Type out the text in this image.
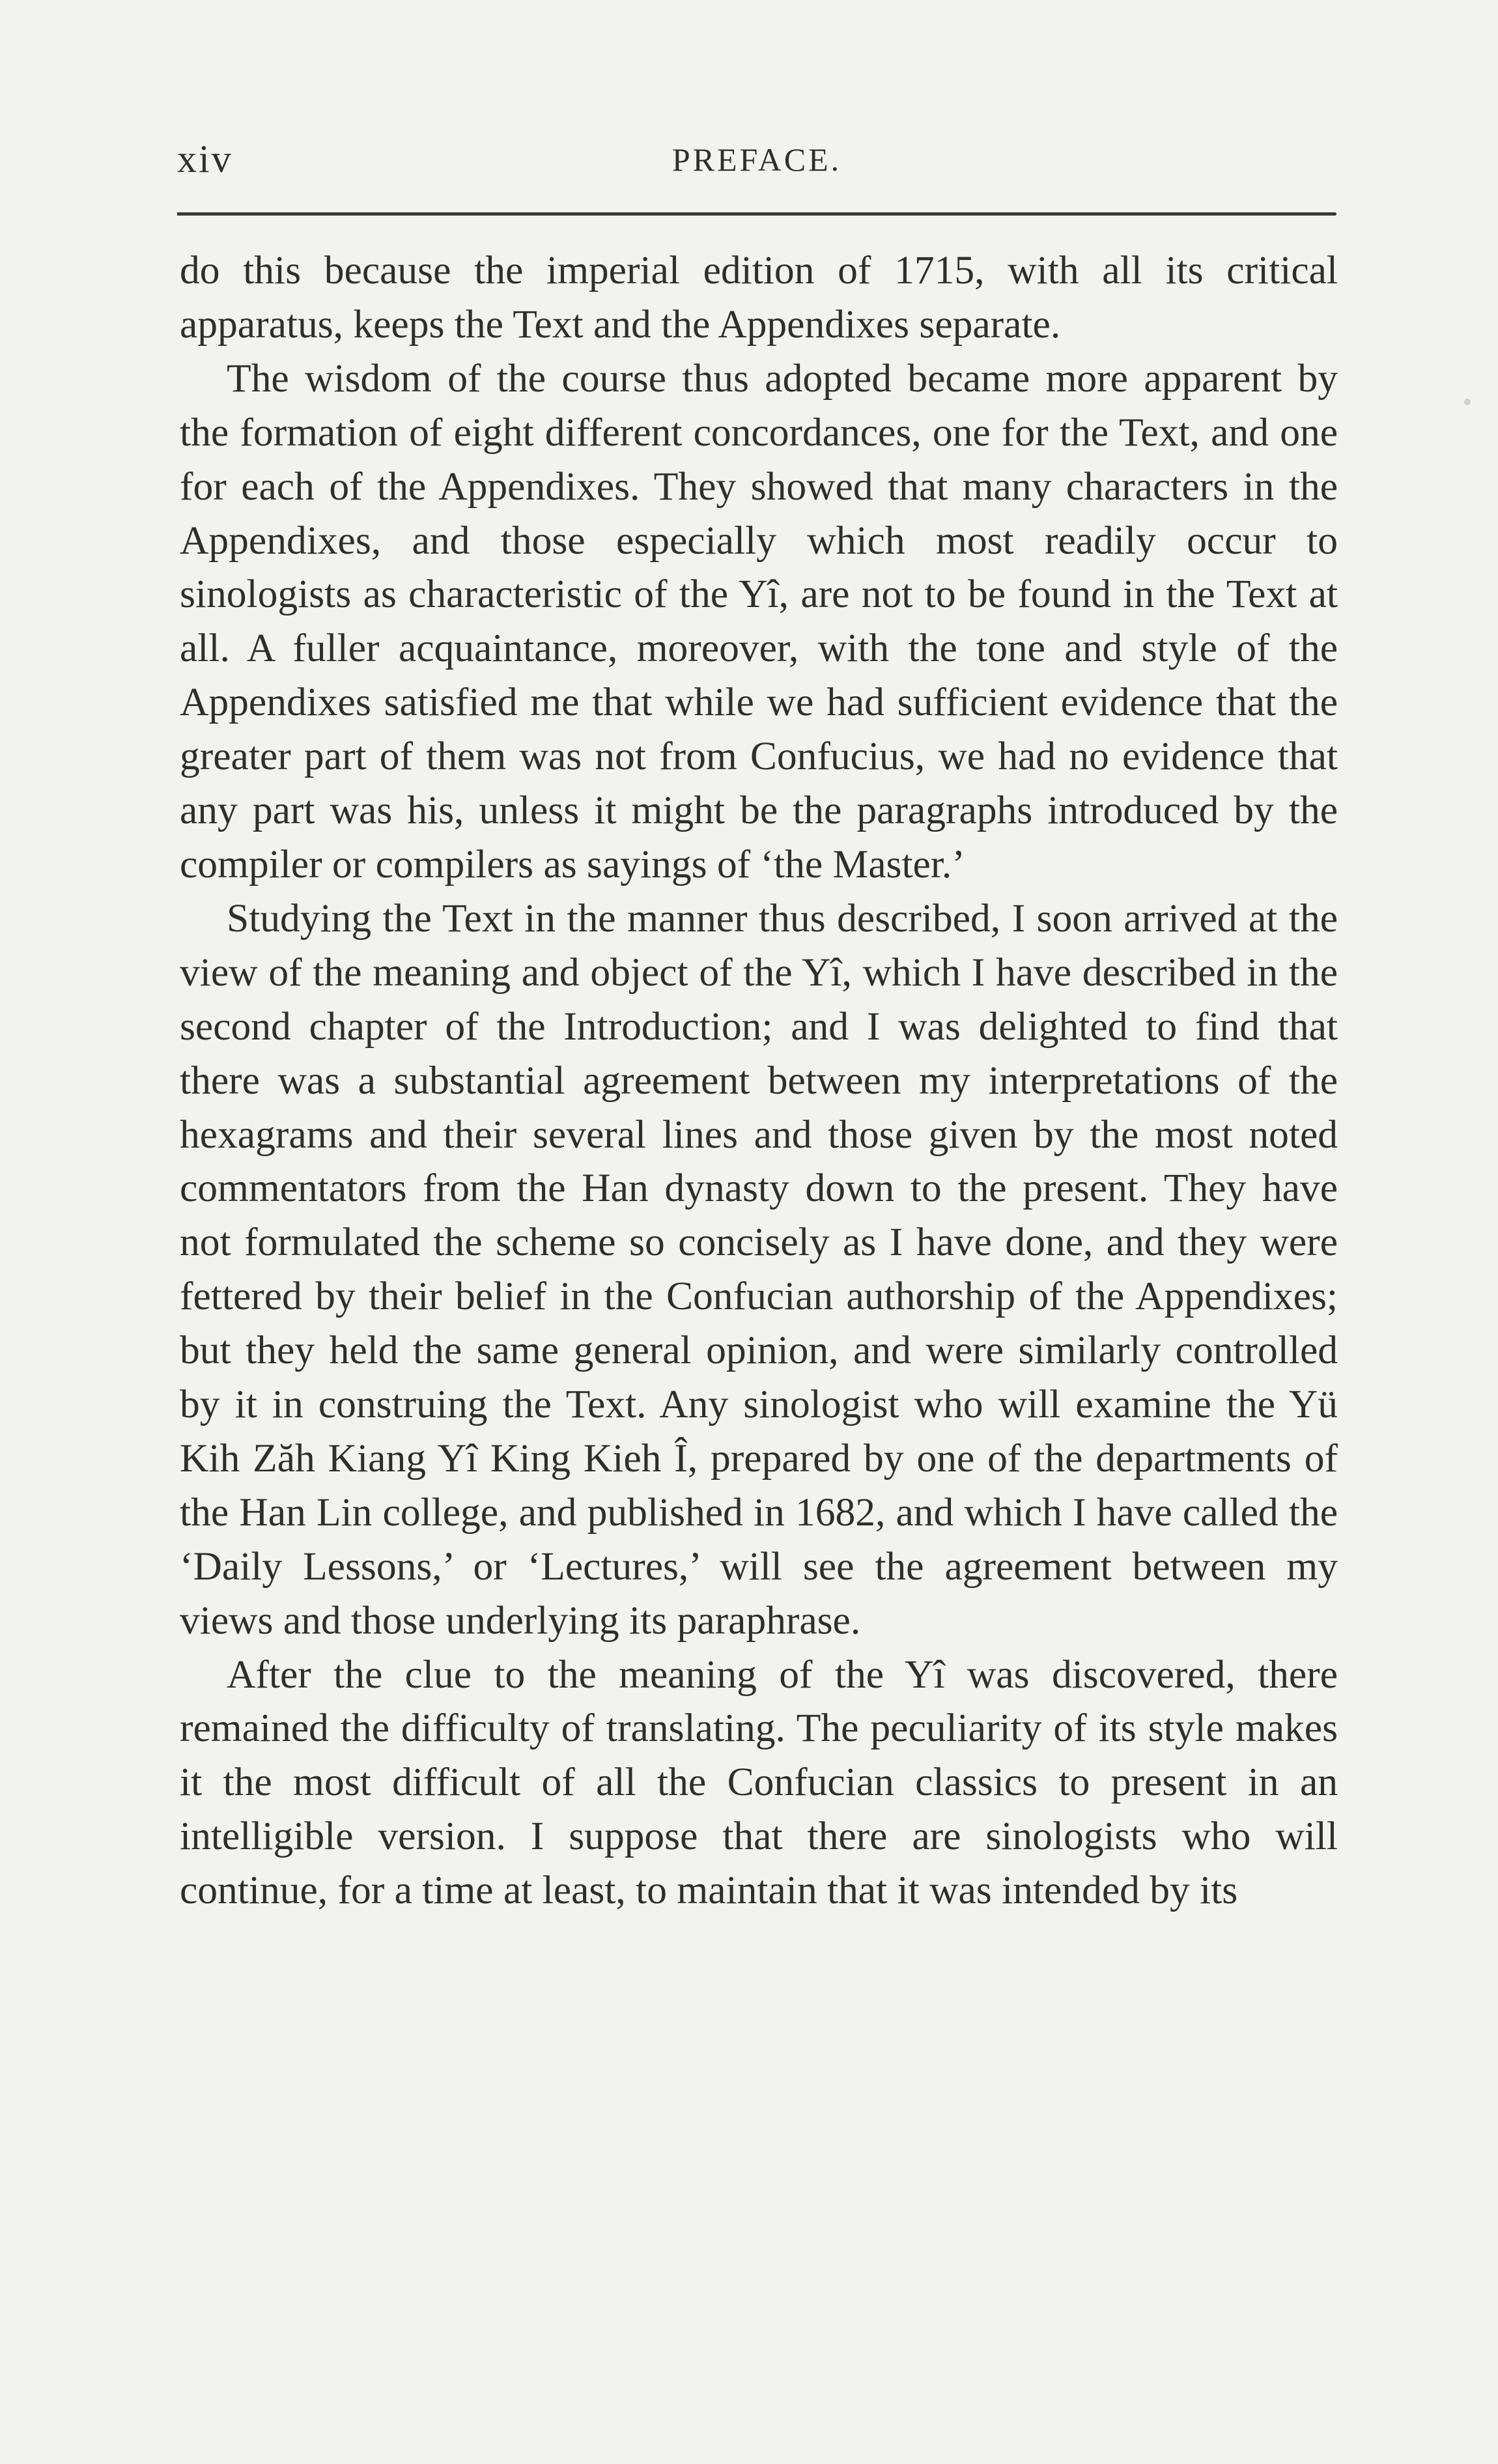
xiv	PREFACE.

do this because the imperial edition of 1715, with all its critical apparatus, keeps the Text and the Appendixes separate.

The wisdom of the course thus adopted became more apparent by the formation of eight different concordances, one for the Text, and one for each of the Appendixes. They showed that many characters in the Appendixes, and those especially which most readily occur to sinologists as characteristic of the Yî, are not to be found in the Text at all. A fuller acquaintance, moreover, with the tone and style of the Appendixes satisfied me that while we had sufficient evidence that the greater part of them was not from Confucius, we had no evidence that any part was his, unless it might be the paragraphs introduced by the compiler or compilers as sayings of ‘the Master.’

Studying the Text in the manner thus described, I soon arrived at the view of the meaning and object of the Yî, which I have described in the second chapter of the Introduction; and I was delighted to find that there was a substantial agreement between my interpretations of the hexagrams and their several lines and those given by the most noted commentators from the Han dynasty down to the present. They have not formulated the scheme so concisely as I have done, and they were fettered by their belief in the Confucian authorship of the Appendixes; but they held the same general opinion, and were similarly controlled by it in construing the Text. Any sinologist who will examine the Yü Kih Zăh Kiang Yî King Kieh Î, prepared by one of the departments of the Han Lin college, and published in 1682, and which I have called the ‘Daily Lessons,’ or ‘Lectures,’ will see the agreement between my views and those underlying its paraphrase.

After the clue to the meaning of the Yî was discovered, there remained the difficulty of translating. The peculiarity of its style makes it the most difficult of all the Confucian classics to present in an intelligible version. I suppose that there are sinologists who will continue, for a time at least, to maintain that it was intended by its
